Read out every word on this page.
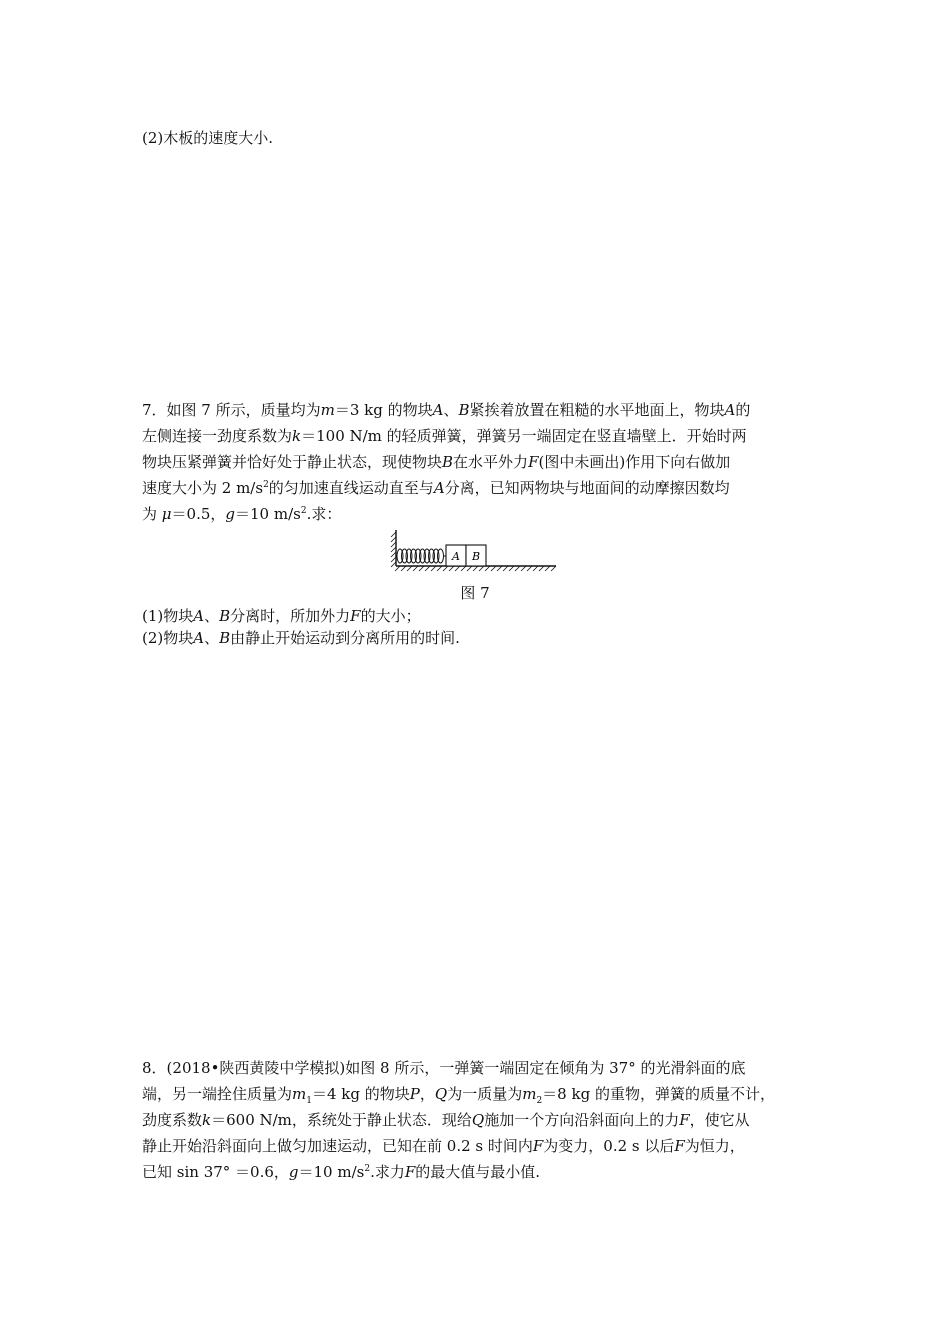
(2)木板的速度大小.
7．如图 7 所示，质量均为m＝3 kg 的物块A、B紧挨着放置在粗糙的水平地面上，物块A的
左侧连接一劲度系数为k＝100 N/m 的轻质弹簧，弹簧另一端固定在竖直墙壁上．开始时两
物块压紧弹簧并恰好处于静止状态，现使物块B在水平外力F(图中未画出)作用下向右做加
速度大小为 2 $m/s^2$的匀加速直线运动直至与A分离，已知两物块与地面间的动摩擦因数均
为 μ＝0.5，g＝10 $m/s^2$.求：
A B
图 7
(1)物块A、B分离时，所加外力F的大小；
(2)物块A、B由静止开始运动到分离所用的时间.
8．(2018•陕西黄陵中学模拟)如图 8 所示，一弹簧一端固定在倾角为 37° 的光滑斜面的底
端，另一端拴住质量为$m_1=4$ kg 的物块P，Q为一质量为$m_2=8$ kg 的重物，弹簧的质量不计，
劲度系数k＝600 N/m，系统处于静止状态．现给Q施加一个方向沿斜面向上的力F，使它从
静止开始沿斜面向上做匀加速运动，已知在前 0.2 s 时间内F为变力，0.2 s 以后F为恒力，
已知 sin 37° ＝0.6，g＝10 $m/s^2$.求力F的最大值与最小值.
